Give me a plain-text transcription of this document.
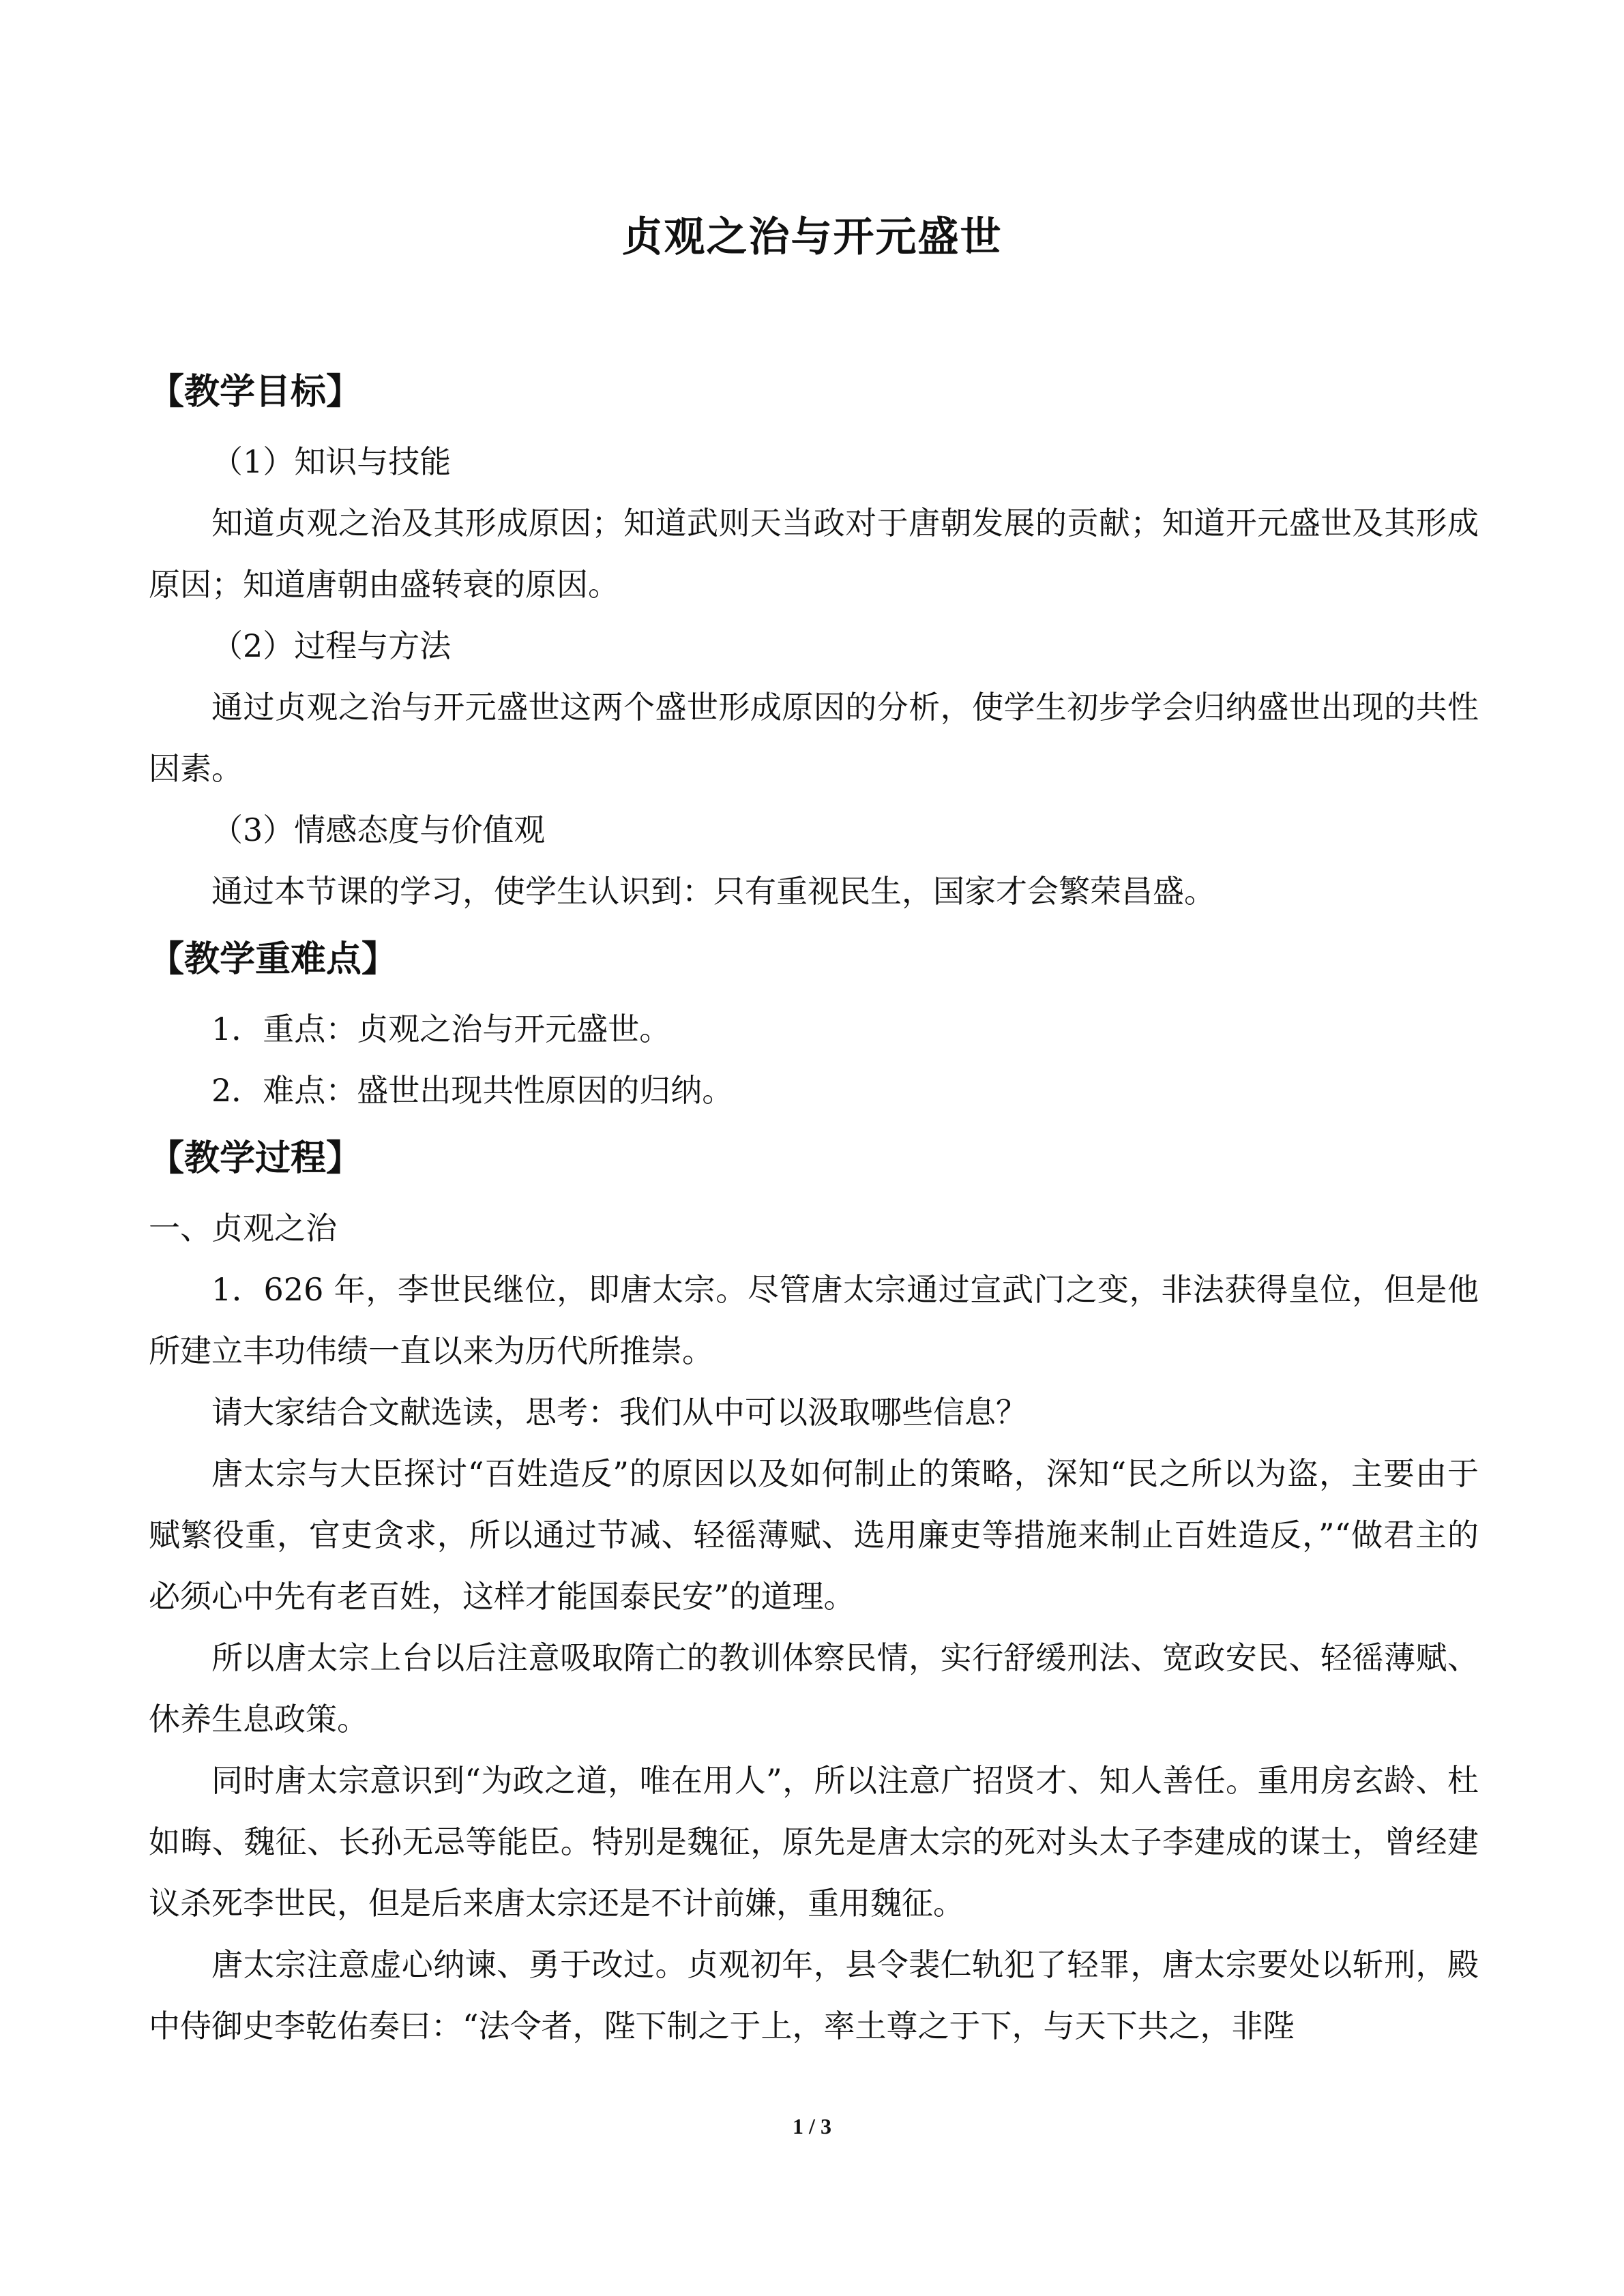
贞观之治与开元盛世
【教学目标】

（1）知识与技能

知道贞观之治及其形成原因；知道武则天当政对于唐朝发展的贡献；知道开元盛世及其形成原因；知道唐朝由盛转衰的原因。

（2）过程与方法

通过贞观之治与开元盛世这两个盛世形成原因的分析，使学生初步学会归纳盛世出现的共性因素。

（3）情感态度与价值观

通过本节课的学习，使学生认识到：只有重视民生，国家才会繁荣昌盛。

【教学重难点】

1．重点：贞观之治与开元盛世。

2．难点：盛世出现共性原因的归纳。

【教学过程】

一、贞观之治

1．626 年，李世民继位，即唐太宗。尽管唐太宗通过宣武门之变，非法获得皇位，但是他所建立丰功伟绩一直以来为历代所推崇。

请大家结合文献选读，思考：我们从中可以汲取哪些信息？

唐太宗与大臣探讨“百姓造反”的原因以及如何制止的策略，深知“民之所以为盗，主要由于赋繁役重，官吏贪求，所以通过节减、轻徭薄赋、选用廉吏等措施来制止百姓造反，”“做君主的必须心中先有老百姓，这样才能国泰民安”的道理。

所以唐太宗上台以后注意吸取隋亡的教训体察民情，实行舒缓刑法、宽政安民、轻徭薄赋、休养生息政策。

同时唐太宗意识到“为政之道，唯在用人”，所以注意广招贤才、知人善任。重用房玄龄、杜如晦、魏征、长孙无忌等能臣。特别是魏征，原先是唐太宗的死对头太子李建成的谋士，曾经建议杀死李世民，但是后来唐太宗还是不计前嫌，重用魏征。

唐太宗注意虚心纳谏、勇于改过。贞观初年，县令裴仁轨犯了轻罪，唐太宗要处以斩刑，殿中侍御史李乾佑奏曰：“法令者，陛下制之于上，率土尊之于下，与天下共之，非陛

1 / 3
